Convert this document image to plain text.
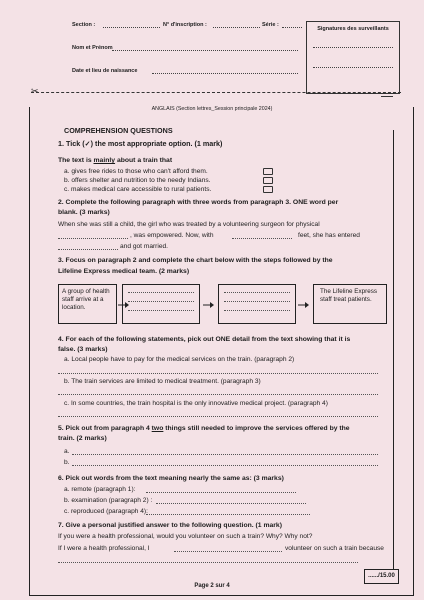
Section :	N° d'inscription :	Série :
Nom et Prénom
Date et lieu de naissance
Signatures des surveillants
✂
ANGLAIS (Section lettres_Session principale 2024)
COMPREHENSION QUESTIONS
1. Tick (✓) the most appropriate option. (1 mark)
The text is mainly about a train that
a. gives free rides to those who can't afford them.
b. offers shelter and nutrition to the needy Indians.
c. makes medical care accessible to rural patients.
2. Complete the following paragraph with three words from paragraph 3. ONE word per
blank. (3 marks)
When she was still a child, the girl who was treated by a volunteering surgeon for physical
, was empowered. Now, with	feet, she has entered
and got married.
3. Focus on paragraph 2 and complete the chart below with the steps followed by the
Lifeline Express medical team. (2 marks)
A group of health staff arrive at a location.
The Lifeline Express staff treat patients.
4. For each of the following statements, pick out ONE detail from the text showing that it is
false. (3 marks)
a. Local people have to pay for the medical services on the train. (paragraph 2)
b. The train services are limited to medical treatment. (paragraph 3)
c. In some countries, the train hospital is the only innovative medical project. (paragraph 4)
5. Pick out from paragraph 4 two things still needed to improve the services offered by the
train. (2 marks)
a.
b.
6. Pick out words from the text meaning nearly the same as: (3 marks)
a. remote (paragraph 1):
b. examination (paragraph 2) :
c. reproduced (paragraph 4):
7. Give a personal justified answer to the following question. (1 mark)
If you were a health professional, would you volunteer on such a train? Why? Why not?
If I were a health professional, I	volunteer on such a train because
....../15.00
Page 2 sur 4
